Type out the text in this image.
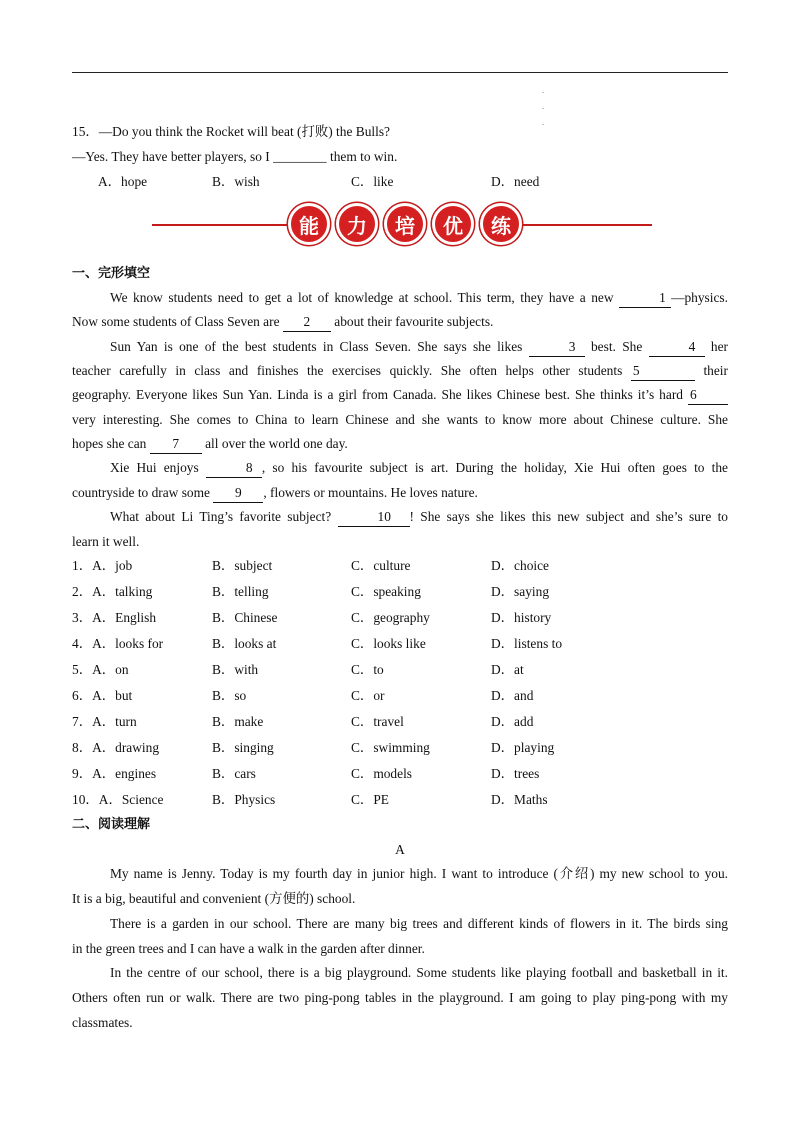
.
.
.
15．—Do you think the Rocket will beat (打败) the Bulls?
—Yes. They have better players, so I ________ them to win.
A．hope	B．wish	C．like	D．need
能	力	培	优	练
一、完形填空
We know students need to get a lot of knowledge at school. This term, they have a new	1 —physics.
Now some students of Class Seven are 2 about their favourite subjects.
Sun Yan is one of the best students in Class Seven. She says she likes	3 best. She	4 her
teacher carefully in class and finishes the exercises quickly. She often helps other students 5	their
geography. Everyone likes Sun Yan. Linda is a girl from Canada. She likes Chinese best. She thinks it’s hard 6
very interesting. She comes to China to learn Chinese and she wants to know more about Chinese culture. She
hopes she can 7 all over the world one day.
Xie Hui enjoys	8 , so his favourite subject is art. During the holiday, Xie Hui often goes to the
countryside to draw some 9 , flowers or mountains. He loves nature.
What about Li Ting’s favorite subject?	10 ! She says she likes this new subject and she’s sure to
learn it well.
1．A．job	B．subject	C．culture	D．choice
2．A．talking	B．telling	C．speaking	D．saying
3．A．English	B．Chinese	C．geography	D．history
4．A．looks for	B．looks at	C．looks like	D．listens to
5．A．on	B．with	C．to	D．at
6．A．but	B．so	C．or	D．and
7．A．turn	B．make	C．travel	D．add
8．A．drawing	B．singing	C．swimming	D．playing
9．A．engines	B．cars	C．models	D．trees
10．A．Science	B．Physics	C．PE	D．Maths
二、阅读理解
A
My name is Jenny. Today is my fourth day in junior high. I want to introduce (介绍) my new school to you.
It is a big, beautiful and convenient (方便的) school.
There is a garden in our school. There are many big trees and different kinds of flowers in it. The birds sing
in the green trees and I can have a walk in the garden after dinner.
In the centre of our school, there is a big playground. Some students like playing football and basketball in it.
Others often run or walk. There are two ping-pong tables in the playground. I am going to play ping-pong with my
classmates.
